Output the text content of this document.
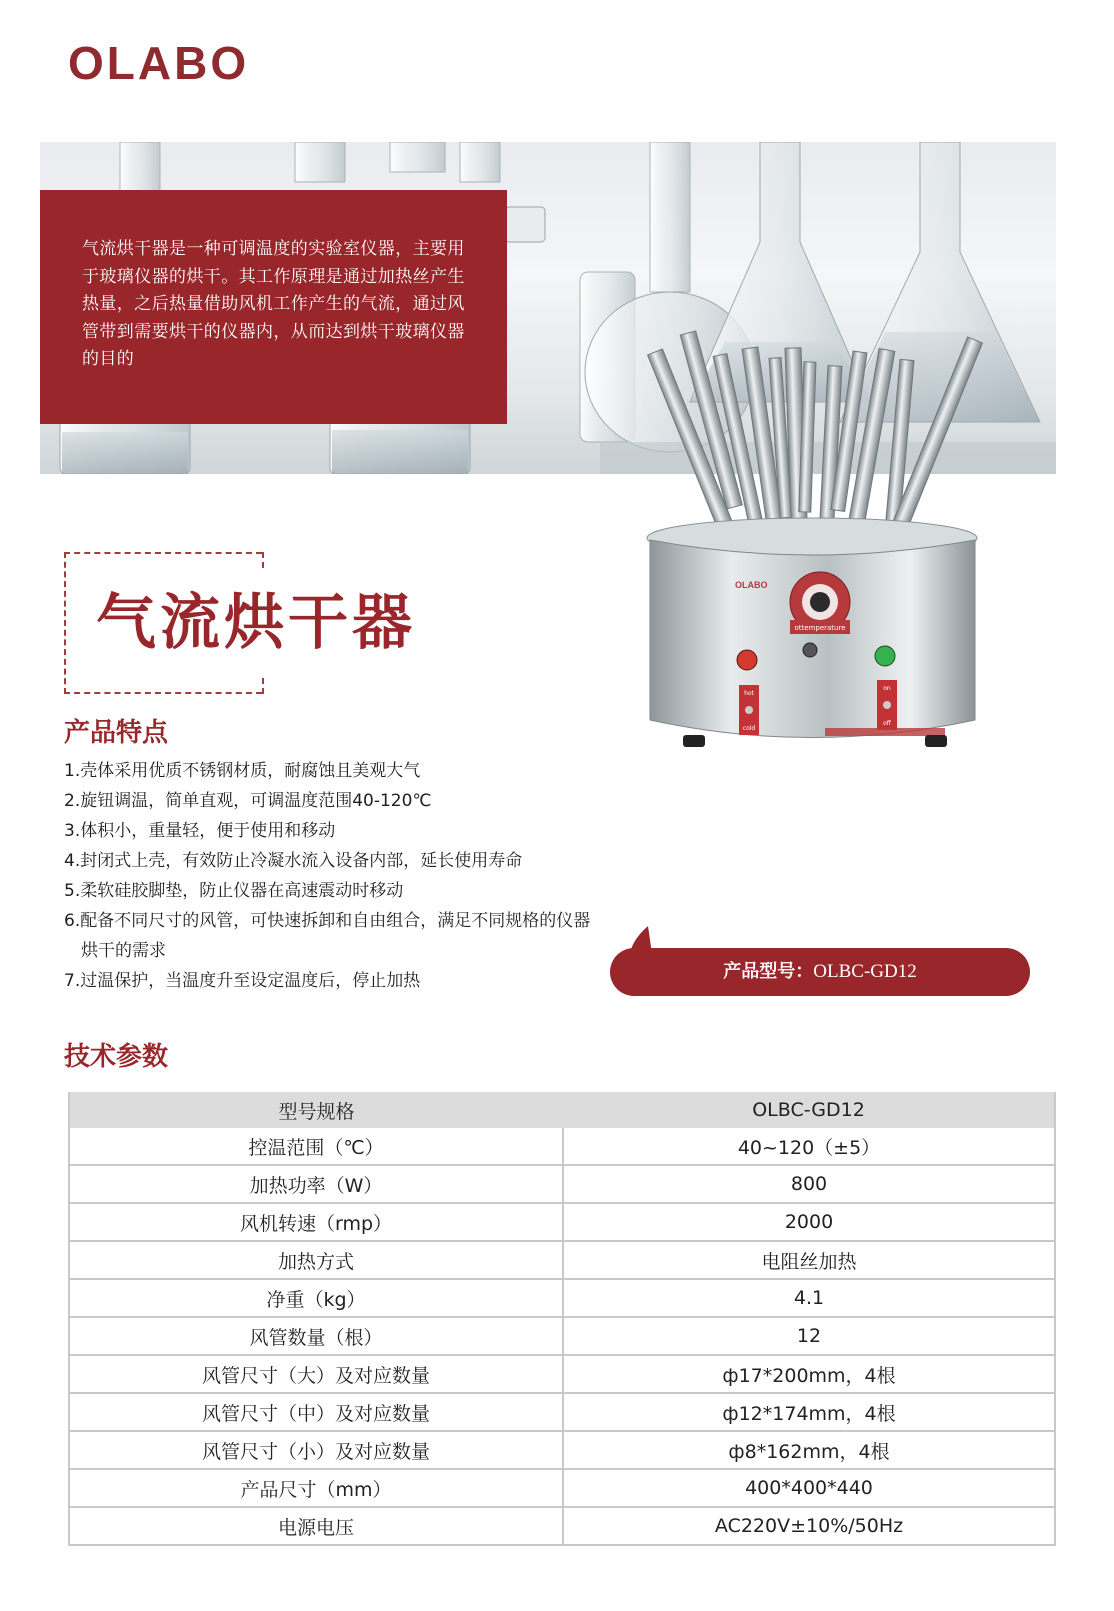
OLABO
气流烘干器是一种可调温度的实验室仪器，主要用于玻璃仪器的烘干。其工作原理是通过加热丝产生热量，之后热量借助风机工作产生的气流，通过风管带到需要烘干的仪器内，从而达到烘干玻璃仪器的目的
ottemperature
OLABO
hot
cold
on
off
气流烘干器
产品特点
1.壳体采用优质不锈钢材质，耐腐蚀且美观大气
2.旋钮调温，简单直观，可调温度范围40-120℃
3.体积小，重量轻，便于使用和移动
4.封闭式上壳，有效防止冷凝水流入设备内部，延长使用寿命
5.柔软硅胶脚垫，防止仪器在高速震动时移动
6.配备不同尺寸的风管，可快速拆卸和自由组合，满足不同规格的仪器烘干的需求
7.过温保护，当温度升至设定温度后，停止加热	产品型号：OLBC-GD12
技术参数
型号规格	OLBC-GD12
控温范围（℃）	40~120（±5）
加热功率（W）	800
风机转速（rmp）	2000
加热方式	电阻丝加热
净重（kg）	4.1
风管数量（根）	12
风管尺寸（大）及对应数量	ф17*200mm，4根
风管尺寸（中）及对应数量	ф12*174mm，4根
风管尺寸（小）及对应数量	ф8*162mm，4根
产品尺寸（mm）	400*400*440
电源电压	AC220V±10%/50Hz
